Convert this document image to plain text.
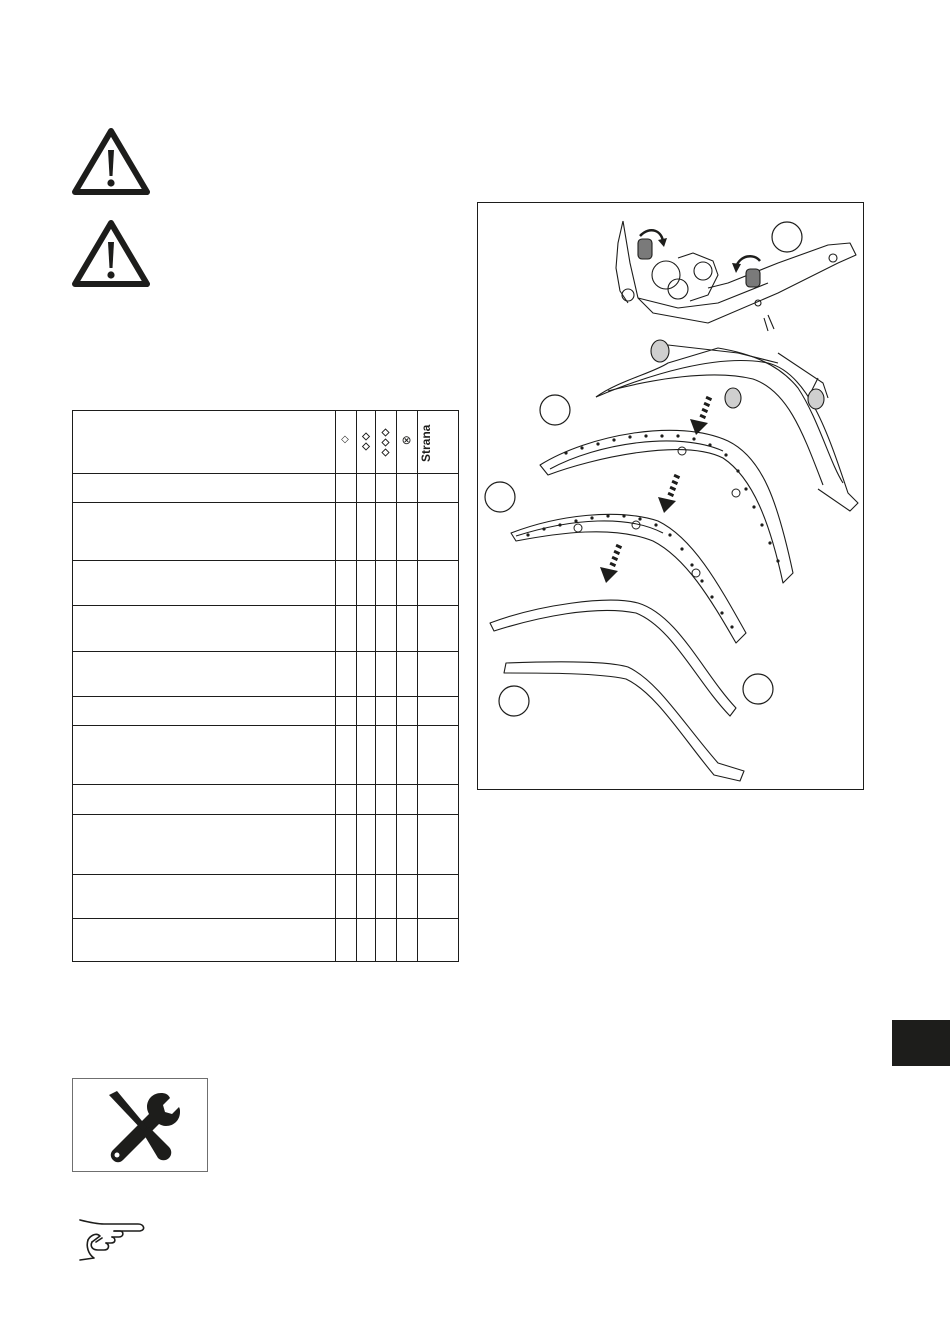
◇	⊗ Strana
